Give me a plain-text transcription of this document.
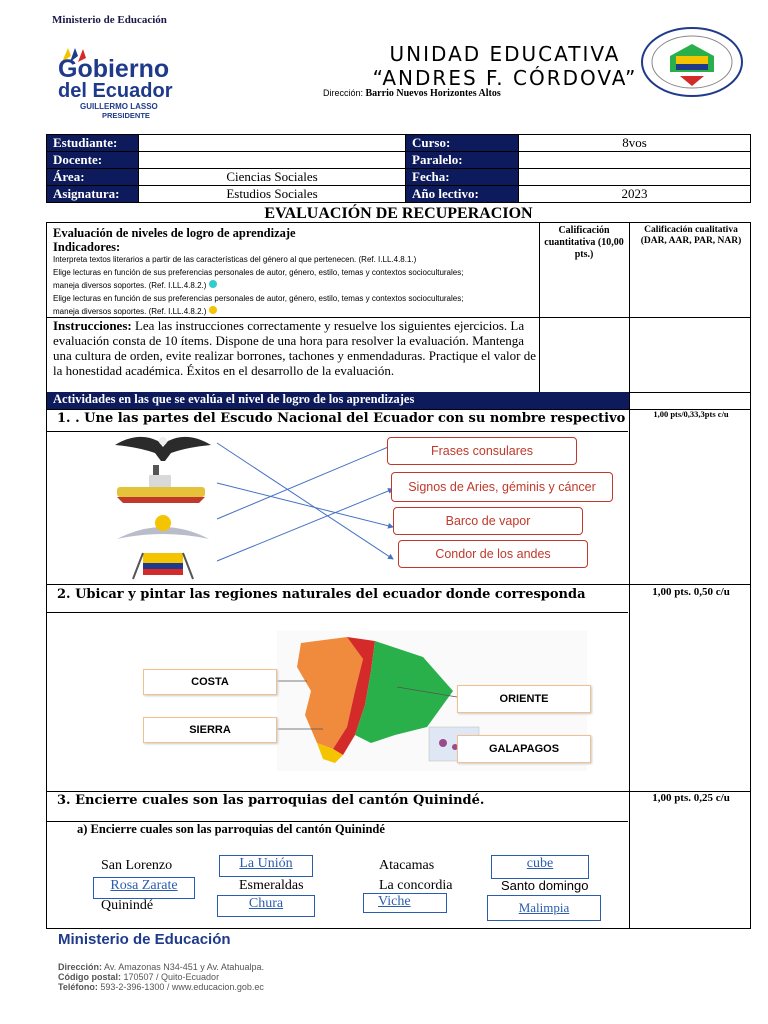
Ministerio de Educación
Gobierno
del Ecuador
GUILLERMO LASSO
PRESIDENTE
UNIDAD EDUCATIVA
“ANDRES F. CÓRDOVA”
Dirección: Barrio Nuevos Horizontes Altos
Estudiante:		Curso:	8vos
Docente:		Paralelo:	
Área:	Ciencias Sociales	Fecha:	
Asignatura:	Estudios Sociales	Año lectivo:	2023
EVALUACIÓN DE RECUPERACION
Evaluación de niveles de logro de aprendizaje
Indicadores:
Interpreta textos literarios a partir de las características del género al que pertenecen. (Ref. I.LL.4.8.1.)
Elige lecturas en función de sus preferencias personales de autor, género, estilo, temas y contextos socioculturales;
maneja diversos soportes. (Ref. I.LL.4.8.2.)
Elige lecturas en función de sus preferencias personales de autor, género, estilo, temas y contextos socioculturales;
maneja diversos soportes. (Ref. I.LL.4.8.2.)
Calificación cuantitativa (10,00 pts.)
Calificación cualitativa (DAR, AAR, PAR, NAR)
Instrucciones: Lea las instrucciones correctamente y resuelve los siguientes ejercicios. La evaluación consta de 10 ítems. Dispone de una hora para resolver la evaluación. Mantenga una cultura de orden, evite realizar borrones, tachones y enmendaduras. Practique el valor de la honestidad académica. Éxitos en el desarrollo de la evaluación.
Actividades en las que se evalúa el nivel de logro de los aprendizajes
1. . Une las partes del Escudo Nacional del Ecuador con su nombre respectivo	1,00 pts/0,33,3pts c/u
Frases consulares
Signos de Aries, géminis y cáncer
Barco de vapor
Condor de los andes
2. Ubicar y pintar las regiones naturales del ecuador donde corresponda	1,00 pts. 0,50 c/u
COSTA
SIERRA
ORIENTE
GALAPAGOS
3. Encierre cuales son las parroquias del cantón Quinindé.	1,00 pts. 0,25 c/u
a) Encierre cuales son las parroquias del cantón Quinindé
San Lorenzo	La Unión	Atacamas	cube
Rosa Zarate	Esmeraldas	La concordia	Santo domingo
Quinindé	Chura	Viche	Malimpia
Ministerio de Educación
Dirección: Av. Amazonas N34-451 y Av. Atahualpa.
Código postal: 170507 / Quito-Ecuador
Teléfono: 593-2-396-1300 / www.educacion.gob.ec
